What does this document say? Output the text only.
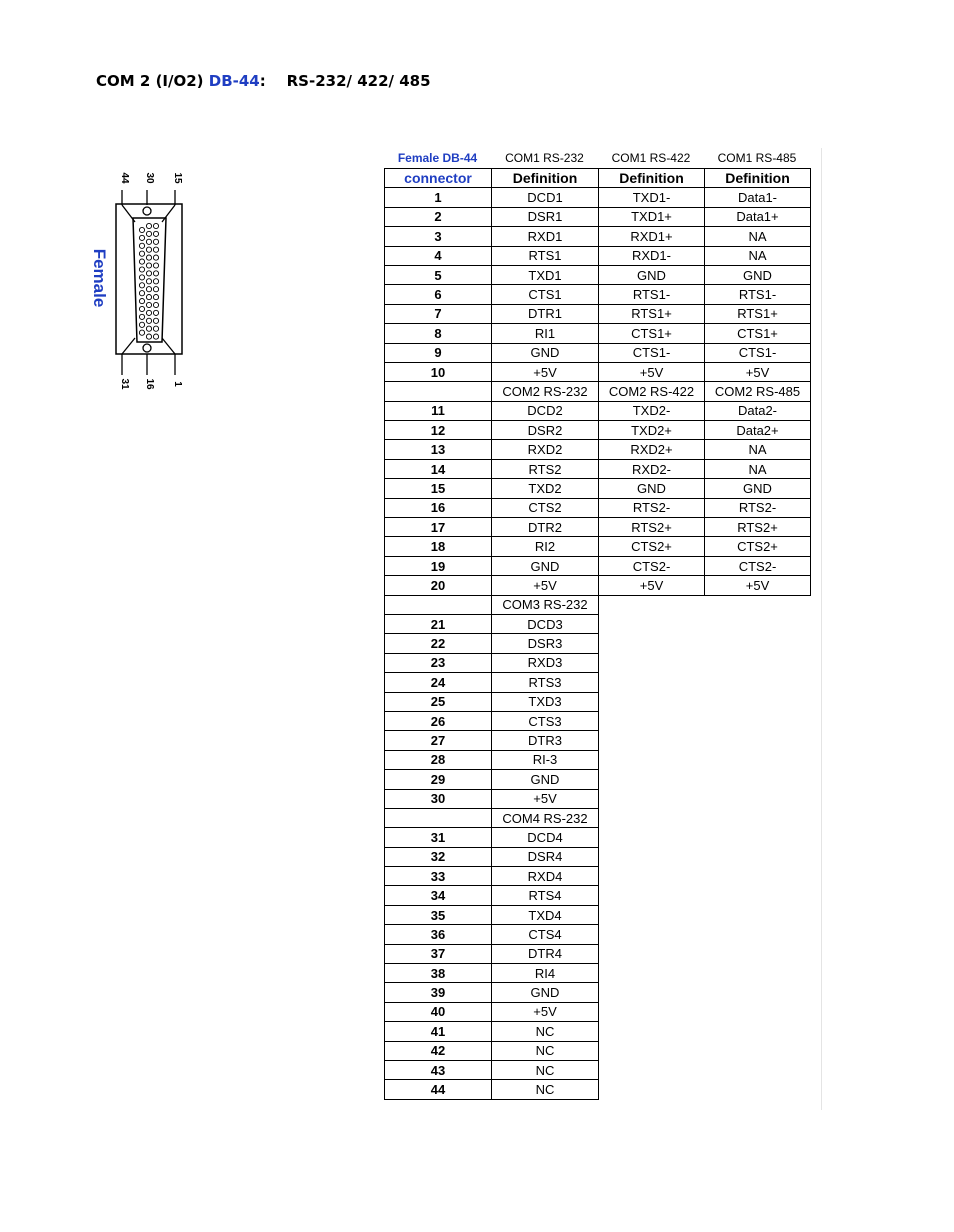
COM 2 (I/O2) DB-44: RS-232/ 422/ 485
44 30 15
31 16 1
Female
Female DB-44	COM1 RS-232	COM1 RS-422	COM1 RS-485
connector	Definition	Definition	Definition
1	DCD1	TXD1-	Data1-
2	DSR1	TXD1+	Data1+
3	RXD1	RXD1+	NA
4	RTS1	RXD1-	NA
5	TXD1	GND	GND
6	CTS1	RTS1-	RTS1-
7	DTR1	RTS1+	RTS1+
8	RI1	CTS1+	CTS1+
9	GND	CTS1-	CTS1-
10	+5V	+5V	+5V
	COM2 RS-232	COM2 RS-422	COM2 RS-485
11	DCD2	TXD2-	Data2-
12	DSR2	TXD2+	Data2+
13	RXD2	RXD2+	NA
14	RTS2	RXD2-	NA
15	TXD2	GND	GND
16	CTS2	RTS2-	RTS2-
17	DTR2	RTS2+	RTS2+
18	RI2	CTS2+	CTS2+
19	GND	CTS2-	CTS2-
20	+5V	+5V	+5V
	COM3 RS-232		
21	DCD3		
22	DSR3		
23	RXD3		
24	RTS3		
25	TXD3		
26	CTS3		
27	DTR3		
28	RI-3		
29	GND		
30	+5V		
	COM4 RS-232		
31	DCD4		
32	DSR4		
33	RXD4		
34	RTS4		
35	TXD4		
36	CTS4		
37	DTR4		
38	RI4		
39	GND		
40	+5V		
41	NC		
42	NC		
43	NC		
44	NC		
